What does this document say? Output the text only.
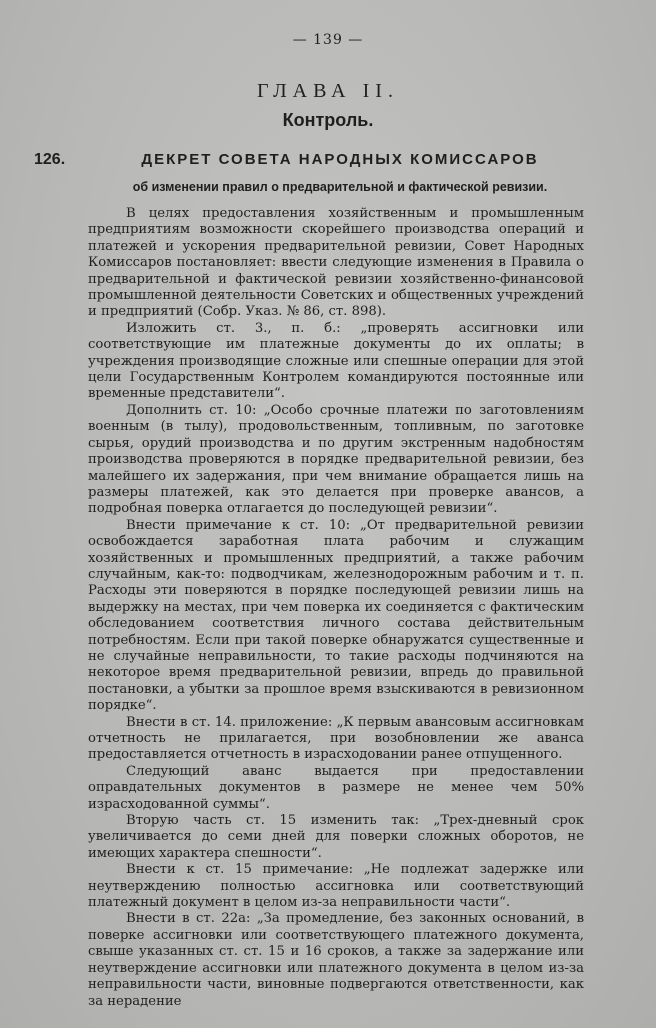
— 139 —
ГЛАВА II.
Контроль.
126.	ДЕКРЕТ СОВЕТА НАРОДНЫХ КОМИССАРОВ
об изменении правил о предварительной и фактической ревизии.

В целях предоставления хозяйственным и промышленным предприятиям возможности скорейшего производства операций и платежей и ускорения предварительной ревизии, Совет Народных Комиссаров постановляет: ввести следующие изменения в Правила о предварительной и фактической ревизии хозяйственно-финансовой промышленной деятельности Советских и общественных учреждений и предприятий (Собр. Указ. № 86, ст. 898).

Изложить ст. 3., п. б.: „проверять ассигновки или соответствующие им платежные документы до их оплаты; в учреждения производящие сложные или спешные операции для этой цели Государственным Контролем командируются постоянные или временные представители“.

Дополнить ст. 10: „Особо срочные платежи по заготовлениям военным (в тылу), продовольственным, топливным, по заготовке сырья, орудий производства и по другим экстренным надобностям производства проверяются в порядке предварительной ревизии, без малейшего их задержания, при чем внимание обращается лишь на размеры платежей, как это делается при проверке авансов, а подробная поверка отлагается до последующей ревизии“.

Внести примечание к ст. 10: „От предварительной ревизии освобождается заработная плата рабочим и служащим хозяйственных и промышленных предприятий, а также рабочим случайным, как-то: подводчикам, железнодорожным рабочим и т. п. Расходы эти поверяются в порядке последующей ревизии лишь на выдержку на местах, при чем поверка их соединяется с фактическим обследованием соответствия личного состава действительным потребностям. Если при такой поверке обнаружатся существенные и не случайные неправильности, то такие расходы подчиняются на некоторое время предварительной ревизии, впредь до правильной постановки, а убытки за прошлое время взыскиваются в ревизионном порядке“.

Внести в ст. 14. приложение: „К первым авансовым ассигновкам отчетность не прилагается, при возобновлении же аванса предоставляется отчетность в израсходовании ранее отпущенного.

Следующий аванс выдается при предоставлении оправдательных документов в размере не менее чем 50% израсходованной суммы“.

Вторую часть ст. 15 изменить так: „Трех-дневный срок увеличивается до семи дней для поверки сложных оборотов, не имеющих характера спешности“.

Внести к ст. 15 примечание: „Не подлежат задержке или неутверждению полностью ассигновка или соответствующий платежный документ в целом из-за неправильности части“.

Внести в ст. 22а: „За промедление, без законных оснований, в поверке ассигновки или соответствующего платежного документа, свыше указанных ст. ст. 15 и 16 сроков, а также за задержание или неутверждение ассигновки или платежного документа в целом из-за неправильности части, виновные подвергаются ответственности, как за нерадение
